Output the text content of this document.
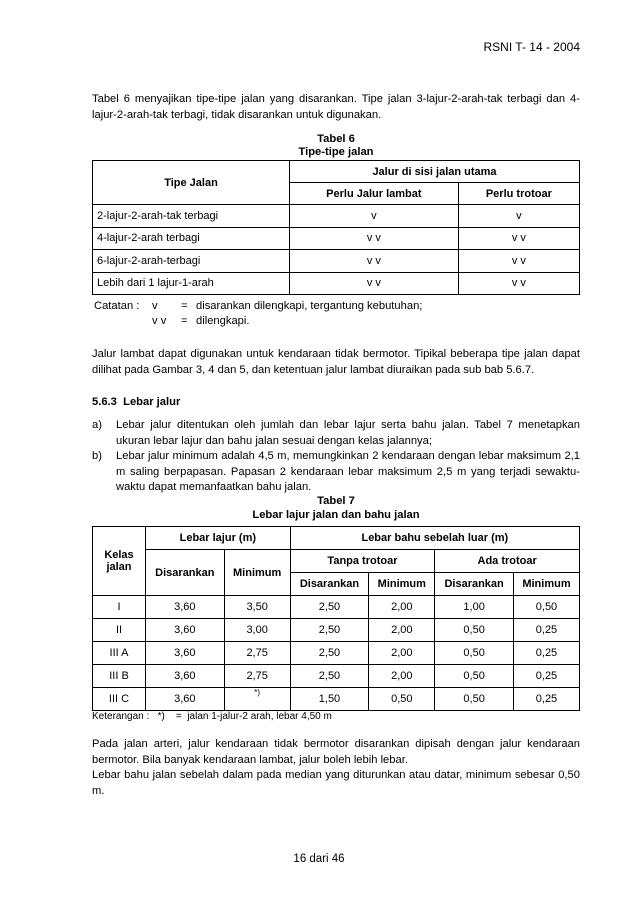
RSNI T- 14 - 2004
Tabel 6 menyajikan tipe-tipe jalan yang disarankan. Tipe jalan 3-lajur-2-arah-tak terbagi dan 4-lajur-2-arah-tak terbagi, tidak disarankan untuk digunakan.
Tabel 6
Tipe-tipe jalan
Tipe Jalan	Jalur di sisi jalan utama	
	Perlu Jalur lambat	Perlu trotoar
2-lajur-2-arah-tak terbagi	v	v
4-lajur-2-arah terbagi	v v	v v
6-lajur-2-arah-terbagi	v v	v v
Lebih dari 1 lajur-1-arah	v v	v v
Catatan : v = disarankan dilengkapi, tergantung kebutuhan;
v v = dilengkapi.
Jalur lambat dapat digunakan untuk kendaraan tidak bermotor. Tipikal beberapa tipe jalan dapat dilihat pada Gambar 3, 4 dan 5, dan ketentuan jalur lambat diuraikan pada sub bab 5.6.7.
5.6.3 Lebar jalur
a) Lebar jalur ditentukan oleh jumlah dan lebar lajur serta bahu jalan. Tabel 7 menetapkan ukuran lebar lajur dan bahu jalan sesuai dengan kelas jalannya;
b) Lebar jalur minimum adalah 4,5 m, memungkinkan 2 kendaraan dengan lebar maksimum 2,1 m saling berpapasan. Papasan 2 kendaraan lebar maksimum 2,5 m yang terjadi sewaktu-waktu dapat memanfaatkan bahu jalan.
Tabel 7
Lebar lajur jalan dan bahu jalan
Kelas jalan	Lebar lajur (m)		Lebar bahu sebelah luar (m)			
	Disarankan	Minimum	Tanpa trotoar		Ada trotoar	
			Disarankan	Minimum	Disarankan	Minimum
I	3,60	3,50	2,50	2,00	1,00	0,50
II	3,60	3,00	2,50	2,00	0,50	0,25
III A	3,60	2,75	2,50	2,00	0,50	0,25
III B	3,60	2,75	2,50	2,00	0,50	0,25
III C	3,60	*)	1,50	0,50	0,50	0,25
Keterangan :   *)    =  jalan 1-jalur-2 arah, lebar 4,50 m
Pada jalan arteri, jalur kendaraan tidak bermotor disarankan dipisah dengan jalur kendaraan bermotor. Bila banyak kendaraan lambat, jalur boleh lebih lebar.
Lebar bahu jalan sebelah dalam pada median yang diturunkan atau datar, minimum sebesar 0,50 m.
16 dari 46
